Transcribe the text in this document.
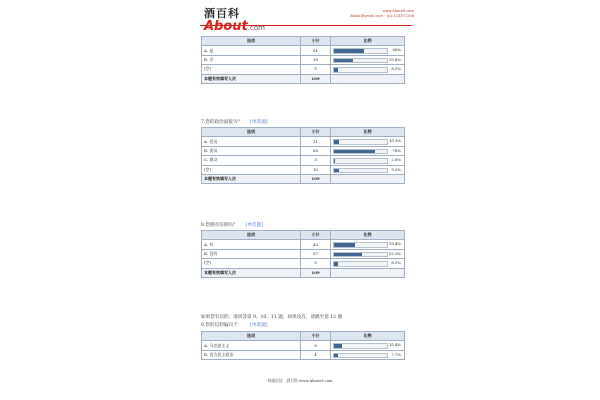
酒百科
About.com
www.About9.com
About@gmail.com · QQ:123371206
选项	小计	比例
A. 是	61	56%

B. 否	39	35.8%

(空)	9	8.3%

本题有效填写人次	109	
7.您的政治面貌为？ [单选题]
选项	小计	比例
A. 党员	11	10.1%

B. 团员	85	78%

C. 群众	3	2.8%

(空)	10	9.2%

本题有效填写人次	109	
8.您拥有信仰吗？ [单选题]
选项	小计	比例
A. 有	43	39.4%

B. 没有	57	52.3%

(空)	9	8.3%

本题有效填写人次	109	
如果您有信仰，请回答第 9、10、11 题，如果没有，请跳至第 12 题
9.您的信仰偏向于： [单选题]
选项	小计	比例
A. 马克思主义	8	15.4%

B. 西方民主政治	4	7.7%
权威出处：酒百科 www.About9.com
